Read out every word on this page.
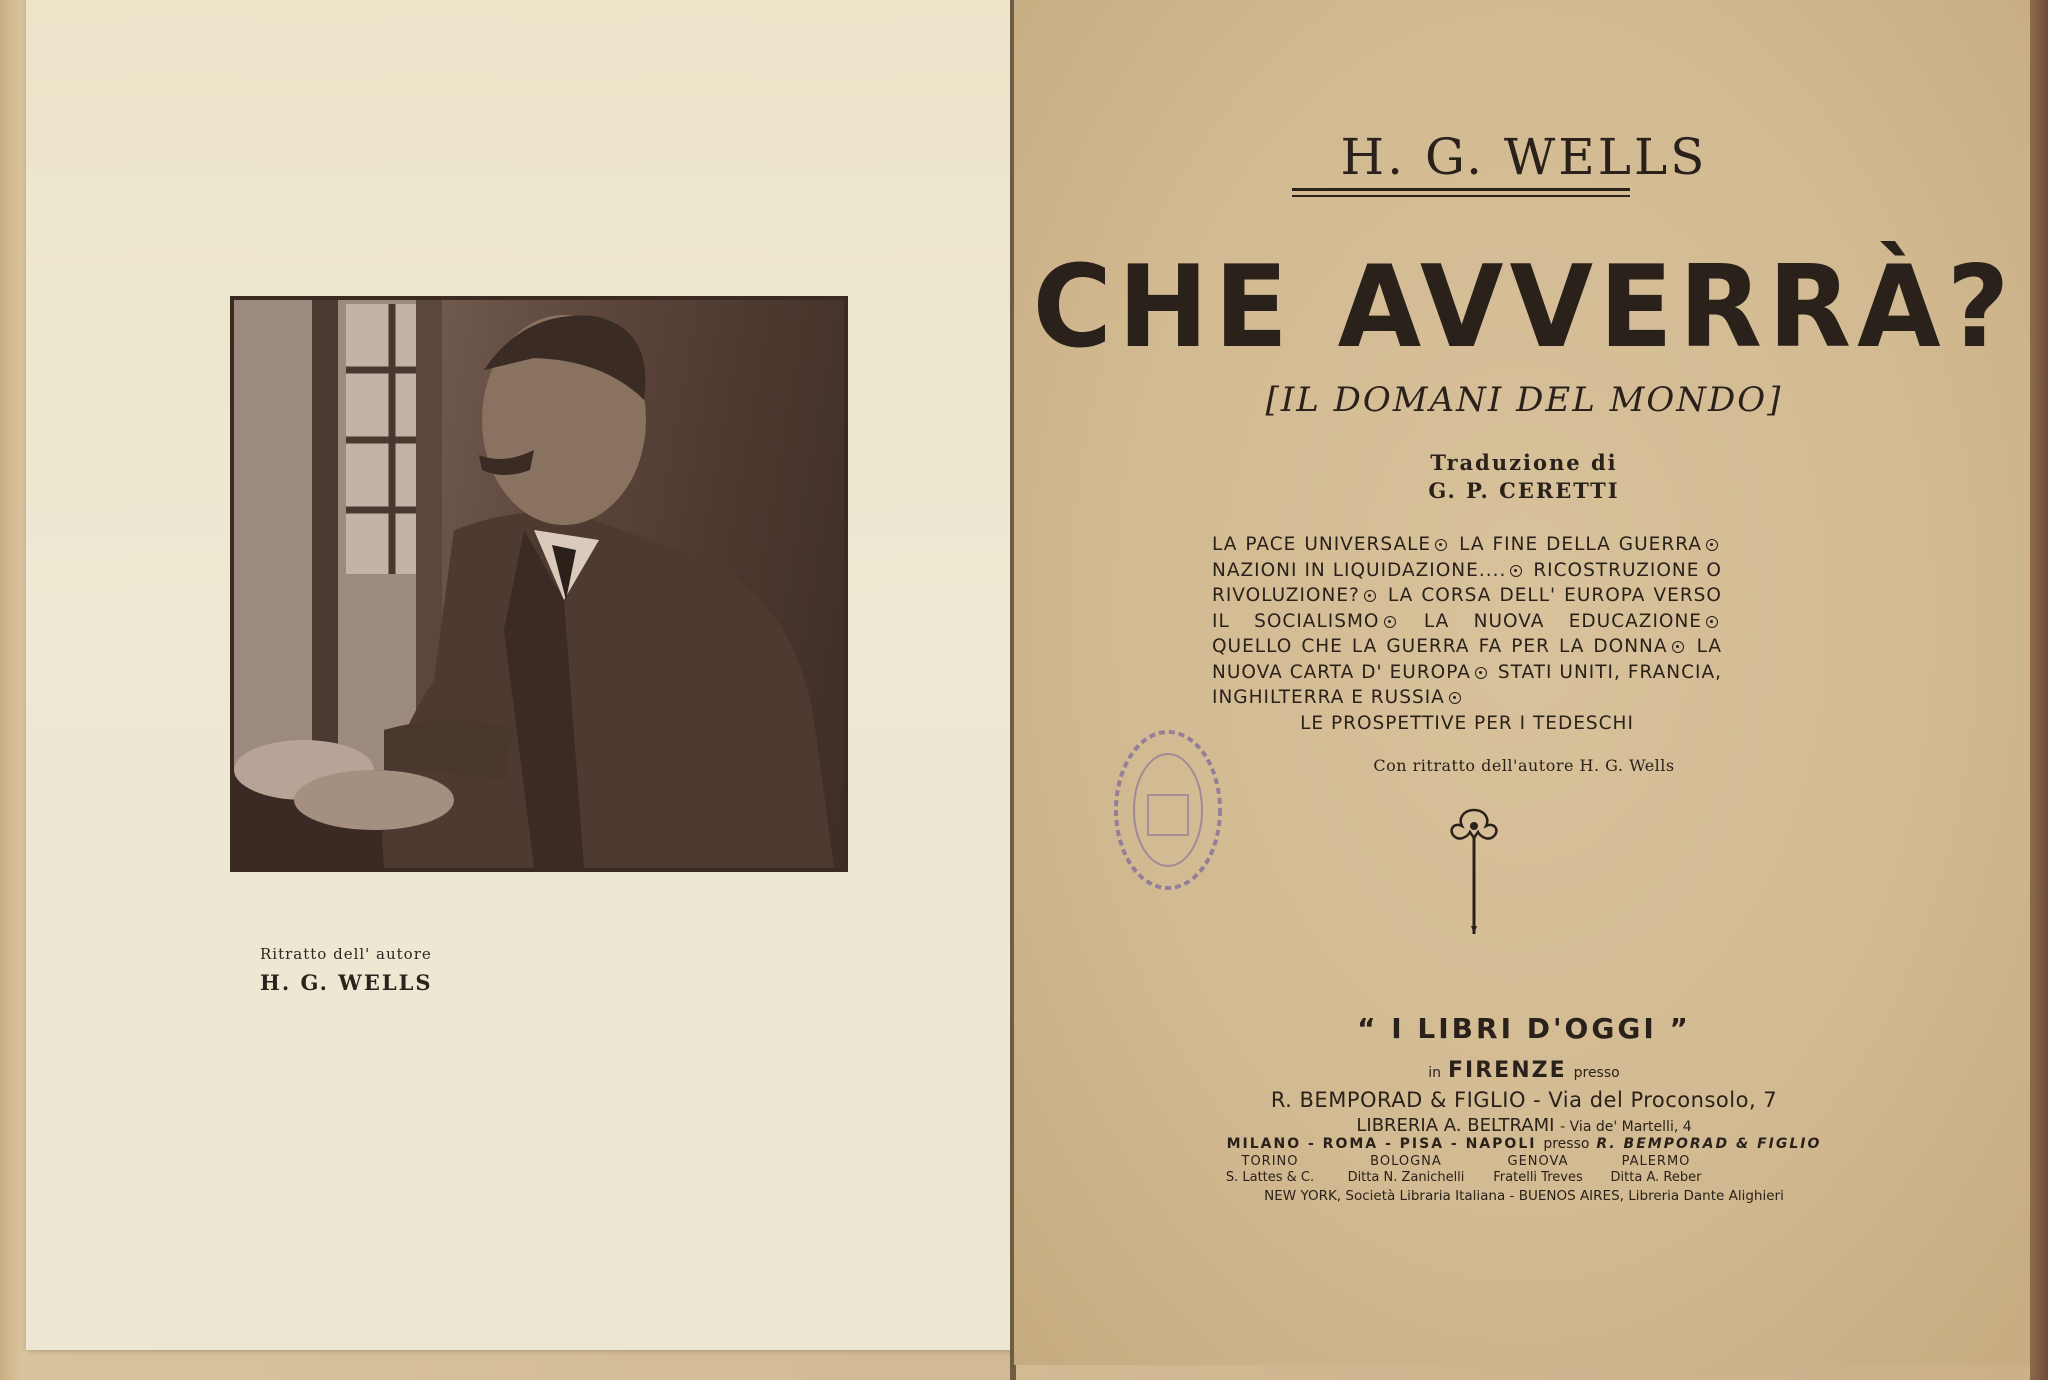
Ritratto dell' autore
H. G. WELLS
H. G. WELLS
CHE AVVERRÀ?
[IL DOMANI DEL MONDO]
Traduzione di
G. P. CERETTI
LA PACE UNIVERSALE LA FINE DELLA GUERRA NAZIONI IN LIQUIDAZIONE.... RICOSTRUZIONE O RIVOLUZIONE? LA CORSA DELL' EUROPA VERSO IL SOCIALISMO LA NUOVA EDUCAZIONE QUELLO CHE LA GUERRA FA PER LA DONNA LA NUOVA CARTA D' EUROPA STATI UNITI, FRANCIA, INGHILTERRA E RUSSIA
LE PROSPETTIVE PER I TEDESCHI
Con ritratto dell'autore H. G. Wells
“ I LIBRI D'OGGI ”
in FIRENZE presso
R. BEMPORAD & FIGLIO - Via del Proconsolo, 7
LIBRERIA A. BELTRAMI - Via de' Martelli, 4
MILANO - ROMA - PISA - NAPOLI presso R. BEMPORAD & FIGLIO
TORINO
S. Lattes & C.
BOLOGNA
Ditta N. Zanichelli
GENOVA
Fratelli Treves
PALERMO
Ditta A. Reber
NEW YORK, Società Libraria Italiana - BUENOS AIRES, Libreria Dante Alighieri
